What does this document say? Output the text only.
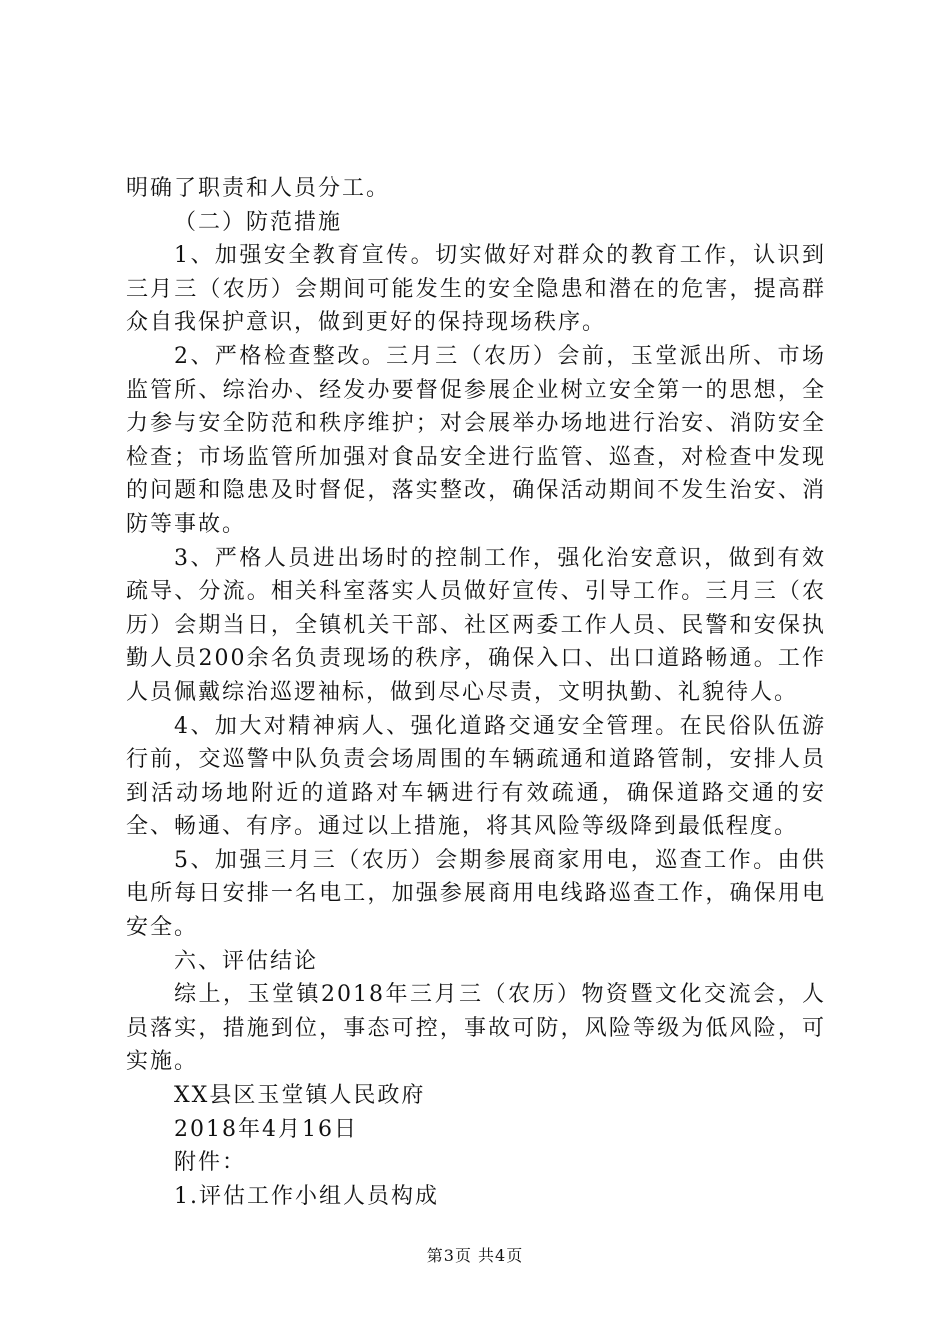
明确了职责和人员分工。

（二）防范措施

1、加强安全教育宣传。切实做好对群众的教育工作，认识到三月三（农历）会期间可能发生的安全隐患和潜在的危害，提高群众自我保护意识，做到更好的保持现场秩序。

2、严格检查整改。三月三（农历）会前，玉堂派出所、市场监管所、综治办、经发办要督促参展企业树立安全第一的思想，全力参与安全防范和秩序维护；对会展举办场地进行治安、消防安全检查；市场监管所加强对食品安全进行监管、巡查，对检查中发现的问题和隐患及时督促，落实整改，确保活动期间不发生治安、消防等事故。

3、严格人员进出场时的控制工作，强化治安意识，做到有效疏导、分流。相关科室落实人员做好宣传、引导工作。三月三（农历）会期当日，全镇机关干部、社区两委工作人员、民警和安保执勤人员200余名负责现场的秩序，确保入口、出口道路畅通。工作人员佩戴综治巡逻袖标，做到尽心尽责，文明执勤、礼貌待人。

4、加大对精神病人、强化道路交通安全管理。在民俗队伍游行前，交巡警中队负责会场周围的车辆疏通和道路管制，安排人员到活动场地附近的道路对车辆进行有效疏通，确保道路交通的安全、畅通、有序。通过以上措施，将其风险等级降到最低程度。

5、加强三月三（农历）会期参展商家用电，巡查工作。由供电所每日安排一名电工，加强参展商用电线路巡查工作，确保用电安全。

六、评估结论

综上，玉堂镇2018年三月三（农历）物资暨文化交流会，人员落实，措施到位，事态可控，事故可防，风险等级为低风险，可实施。

XX县区玉堂镇人民政府

2018年4月16日

附件：

1.评估工作小组人员构成

第3页 共4页
